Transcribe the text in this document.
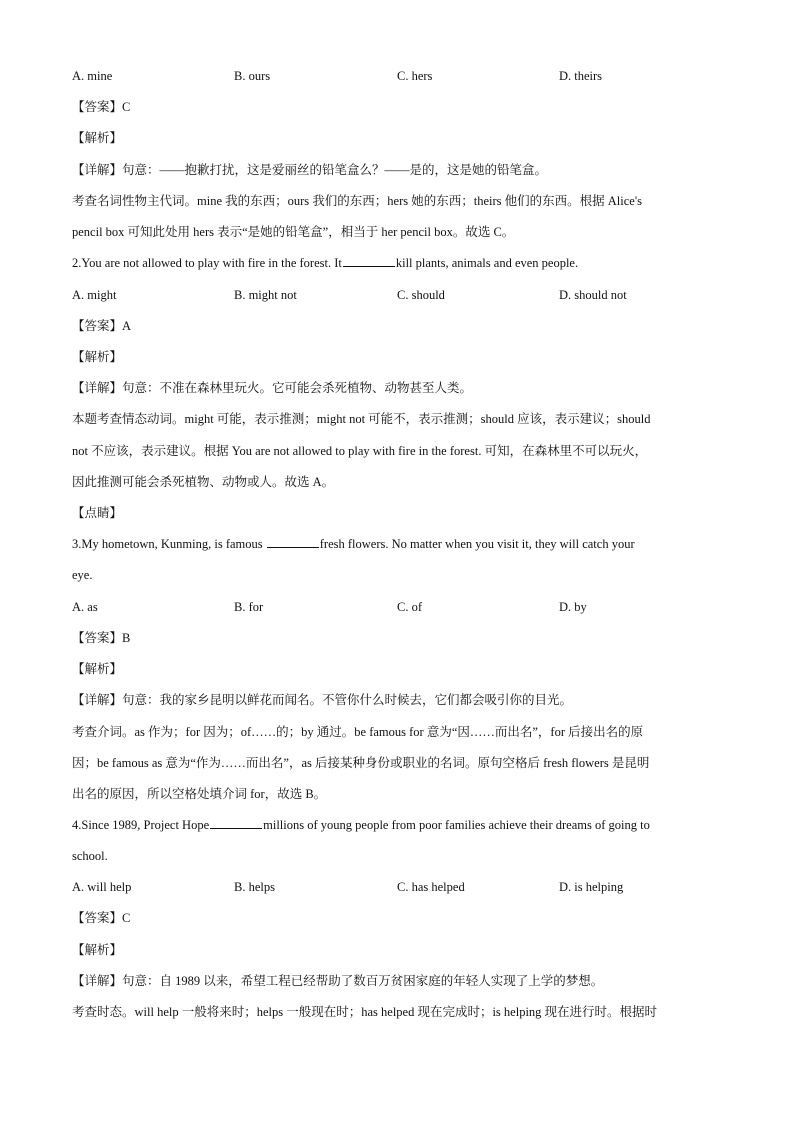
A. mine	B. ours	C. hers	D. theirs
【答案】C
【解析】
【详解】句意：——抱歉打扰，这是爱丽丝的铅笔盒么？——是的，这是她的铅笔盒。
考查名词性物主代词。mine 我的东西；ours 我们的东西；hers 她的东西；theirs 他们的东西。根据 Alice's
pencil box 可知此处用 hers 表示“是她的铅笔盒”，相当于 her pencil box。故选 C。
2.You are not allowed to play with fire in the forest. It	kill plants, animals and even people.
A. might	B. might not	C. should	D. should not
【答案】A
【解析】
【详解】句意：不准在森林里玩火。它可能会杀死植物、动物甚至人类。
本题考查情态动词。might 可能，表示推测；might not 可能不，表示推测；should 应该，表示建议；should
not 不应该，表示建议。根据 You are not allowed to play with fire in the forest. 可知，在森林里不可以玩火，
因此推测可能会杀死植物、动物或人。故选 A。
【点睛】
3.My hometown, Kunming, is famous	fresh flowers. No matter when you visit it, they will catch your
eye.
A. as	B. for	C. of	D. by
【答案】B
【解析】
【详解】句意：我的家乡昆明以鲜花而闻名。不管你什么时候去，它们都会吸引你的目光。
考查介词。as 作为；for 因为；of……的；by 通过。be famous for 意为“因……而出名”，for 后接出名的原
因；be famous as 意为“作为……而出名”，as 后接某种身份或职业的名词。原句空格后 fresh flowers 是昆明
出名的原因，所以空格处填介词 for，故选 B。
4.Since 1989, Project Hope	millions of young people from poor families achieve their dreams of going to
school.
A. will help	B. helps	C. has helped	D. is helping
【答案】C
【解析】
【详解】句意：自 1989 以来，希望工程已经帮助了数百万贫困家庭的年轻人实现了上学的梦想。
考查时态。will help 一般将来时；helps 一般现在时；has helped 现在完成时；is helping 现在进行时。根据时
